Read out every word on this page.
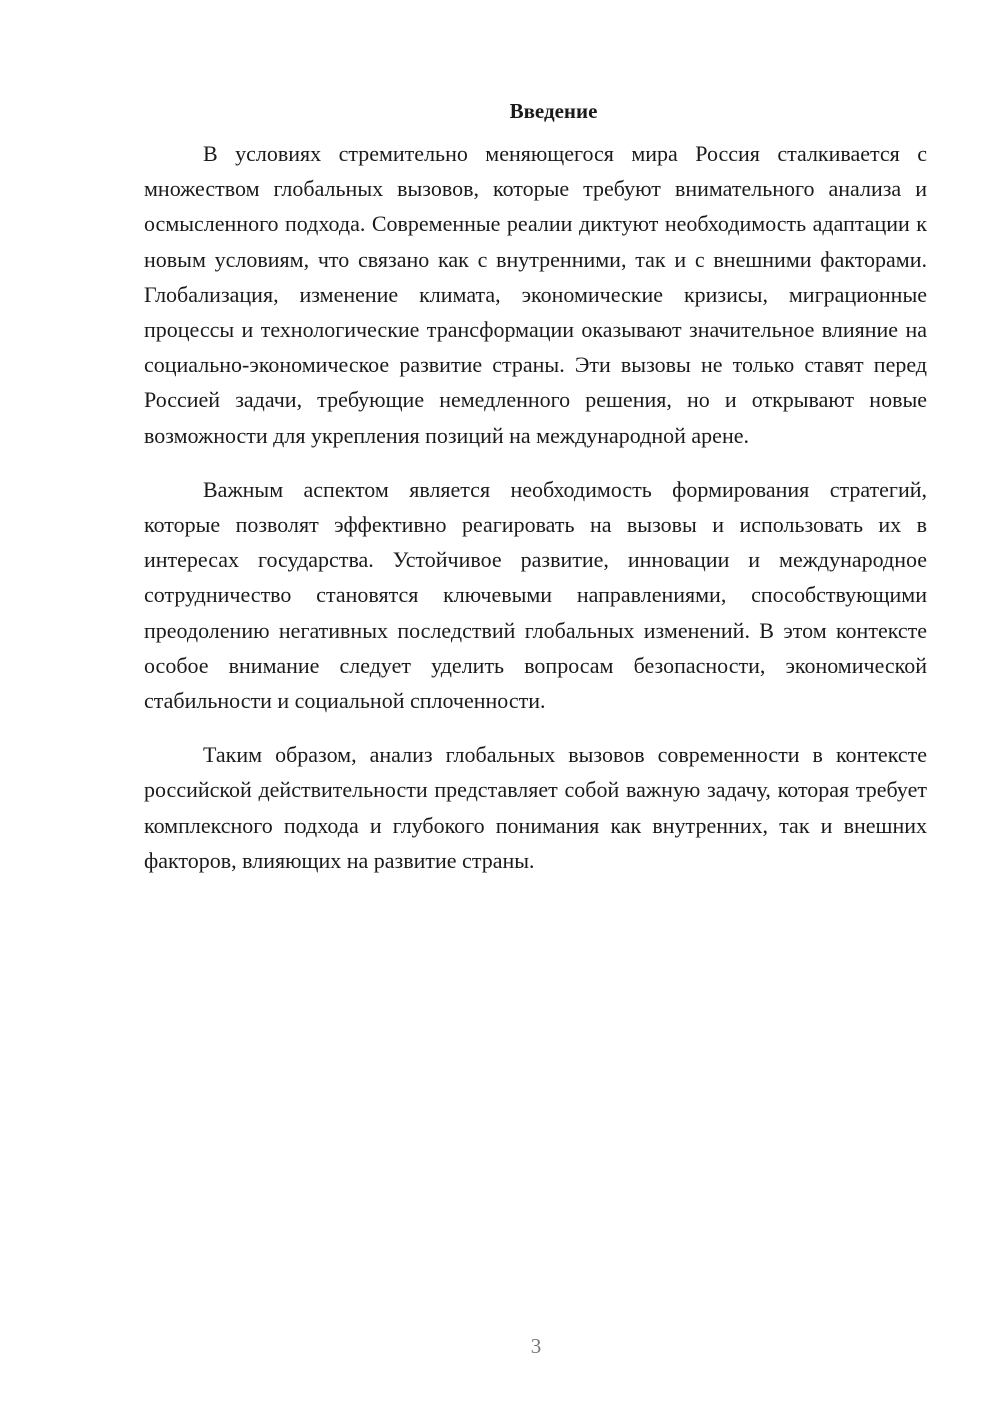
Введение

В условиях стремительно меняющегося мира Россия сталкивается с множеством глобальных вызовов, которые требуют внимательного анализа и осмысленного подхода. Современные реалии диктуют необходимость адаптации к новым условиям, что связано как с внутренними, так и с внешними факторами. Глобализация, изменение климата, экономические кризисы, миграционные процессы и технологические трансформации оказывают значительное влияние на социально-экономическое развитие страны. Эти вызовы не только ставят перед Россией задачи, требующие немедленного решения, но и открывают новые возможности для укрепления позиций на международной арене.

Важным аспектом является необходимость формирования стратегий, которые позволят эффективно реагировать на вызовы и использовать их в интересах государства. Устойчивое развитие, инновации и международное сотрудничество становятся ключевыми направлениями, способствующими преодолению негативных последствий глобальных изменений. В этом контексте особое внимание следует уделить вопросам безопасности, экономической стабильности и социальной сплоченности.

Таким образом, анализ глобальных вызовов современности в контексте российской действительности представляет собой важную задачу, которая требует комплексного подхода и глубокого понимания как внутренних, так и внешних факторов, влияющих на развитие страны.

3
